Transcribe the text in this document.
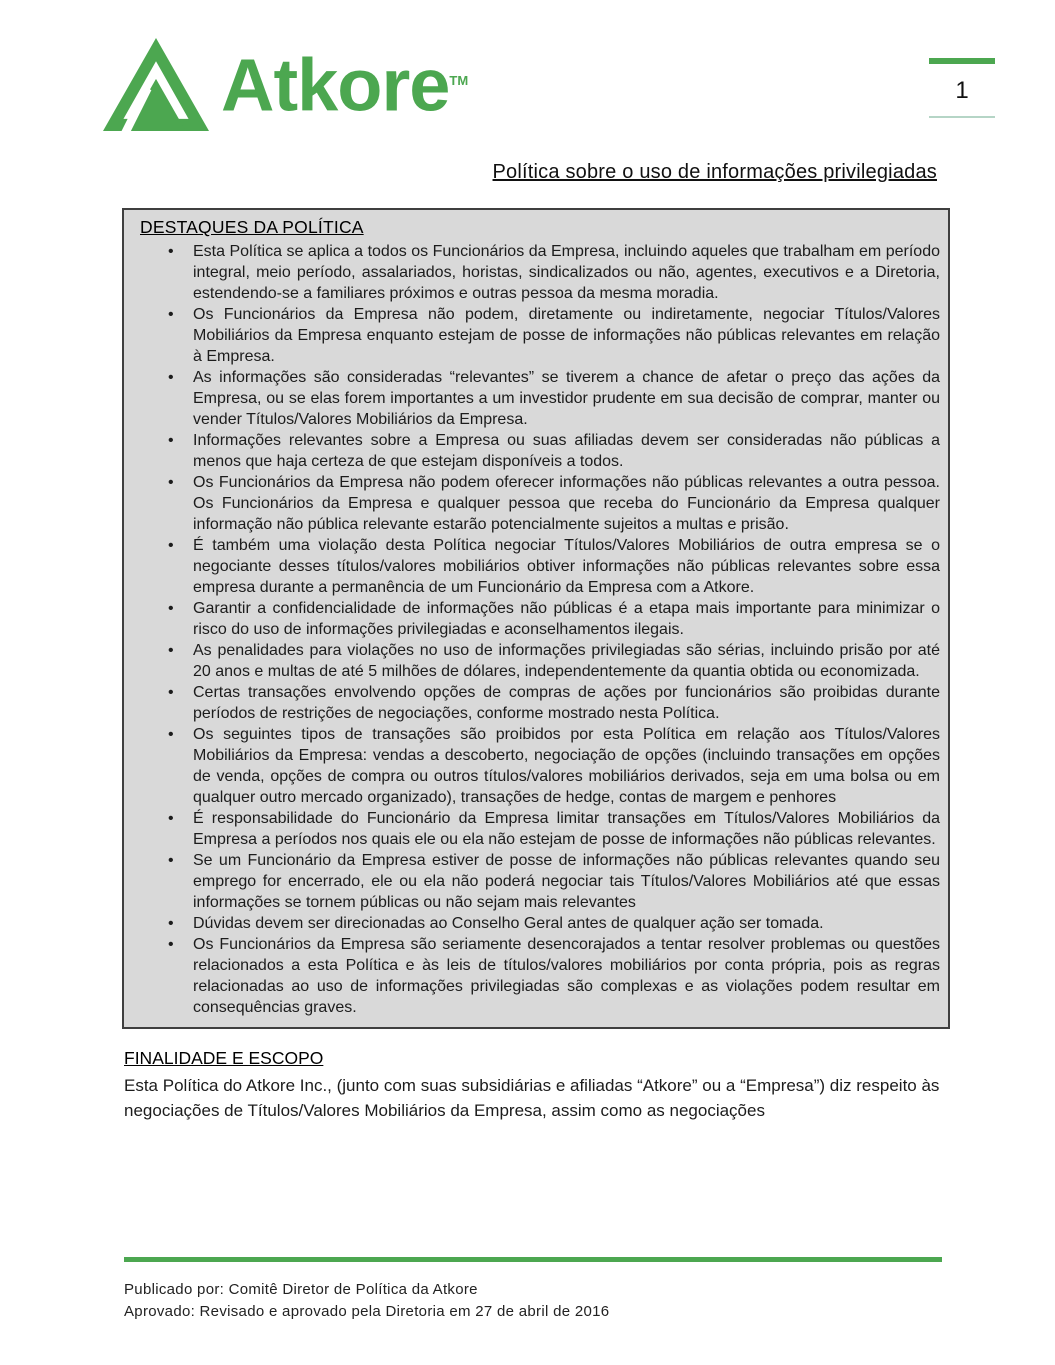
Atkore™	1
Política sobre o uso de informações privilegiadas
DESTAQUES DA POLÍTICA
• Esta Política se aplica a todos os Funcionários da Empresa, incluindo aqueles que trabalham em período integral, meio período, assalariados, horistas, sindicalizados ou não, agentes, executivos e a Diretoria, estendendo-se a familiares próximos e outras pessoa da mesma moradia.
• Os Funcionários da Empresa não podem, diretamente ou indiretamente, negociar Títulos/Valores Mobiliários da Empresa enquanto estejam de posse de informações não públicas relevantes em relação à Empresa.
• As informações são consideradas “relevantes” se tiverem a chance de afetar o preço das ações da Empresa, ou se elas forem importantes a um investidor prudente em sua decisão de comprar, manter ou vender Títulos/Valores Mobiliários da Empresa.
• Informações relevantes sobre a Empresa ou suas afiliadas devem ser consideradas não públicas a menos que haja certeza de que estejam disponíveis a todos.
• Os Funcionários da Empresa não podem oferecer informações não públicas relevantes a outra pessoa. Os Funcionários da Empresa e qualquer pessoa que receba do Funcionário da Empresa qualquer informação não pública relevante estarão potencialmente sujeitos a multas e prisão.
• É também uma violação desta Política negociar Títulos/Valores Mobiliários de outra empresa se o negociante desses títulos/valores mobiliários obtiver informações não públicas relevantes sobre essa empresa durante a permanência de um Funcionário da Empresa com a Atkore.
• Garantir a confidencialidade de informações não públicas é a etapa mais importante para minimizar o risco do uso de informações privilegiadas e aconselhamentos ilegais.
• As penalidades para violações no uso de informações privilegiadas são sérias, incluindo prisão por até 20 anos e multas de até 5 milhões de dólares, independentemente da quantia obtida ou economizada.
• Certas transações envolvendo opções de compras de ações por funcionários são proibidas durante períodos de restrições de negociações, conforme mostrado nesta Política.
• Os seguintes tipos de transações são proibidos por esta Política em relação aos Títulos/Valores Mobiliários da Empresa: vendas a descoberto, negociação de opções (incluindo transações em opções de venda, opções de compra ou outros títulos/valores mobiliários derivados, seja em uma bolsa ou em qualquer outro mercado organizado), transações de hedge, contas de margem e penhores
• É responsabilidade do Funcionário da Empresa limitar transações em Títulos/Valores Mobiliários da Empresa a períodos nos quais ele ou ela não estejam de posse de informações não públicas relevantes.
• Se um Funcionário da Empresa estiver de posse de informações não públicas relevantes quando seu emprego for encerrado, ele ou ela não poderá negociar tais Títulos/Valores Mobiliários até que essas informações se tornem públicas ou não sejam mais relevantes
• Dúvidas devem ser direcionadas ao Conselho Geral antes de qualquer ação ser tomada.
• Os Funcionários da Empresa são seriamente desencorajados a tentar resolver problemas ou questões relacionados a esta Política e às leis de títulos/valores mobiliários por conta própria, pois as regras relacionadas ao uso de informações privilegiadas são complexas e as violações podem resultar em consequências graves.
FINALIDADE E ESCOPO

Esta Política do Atkore Inc., (junto com suas subsidiárias e afiliadas “Atkore” ou a “Empresa”) diz respeito às negociações de Títulos/Valores Mobiliários da Empresa, assim como as negociações

Publicado por: Comitê Diretor de Política da Atkore

Aprovado: Revisado e aprovado pela Diretoria em 27 de abril de 2016
